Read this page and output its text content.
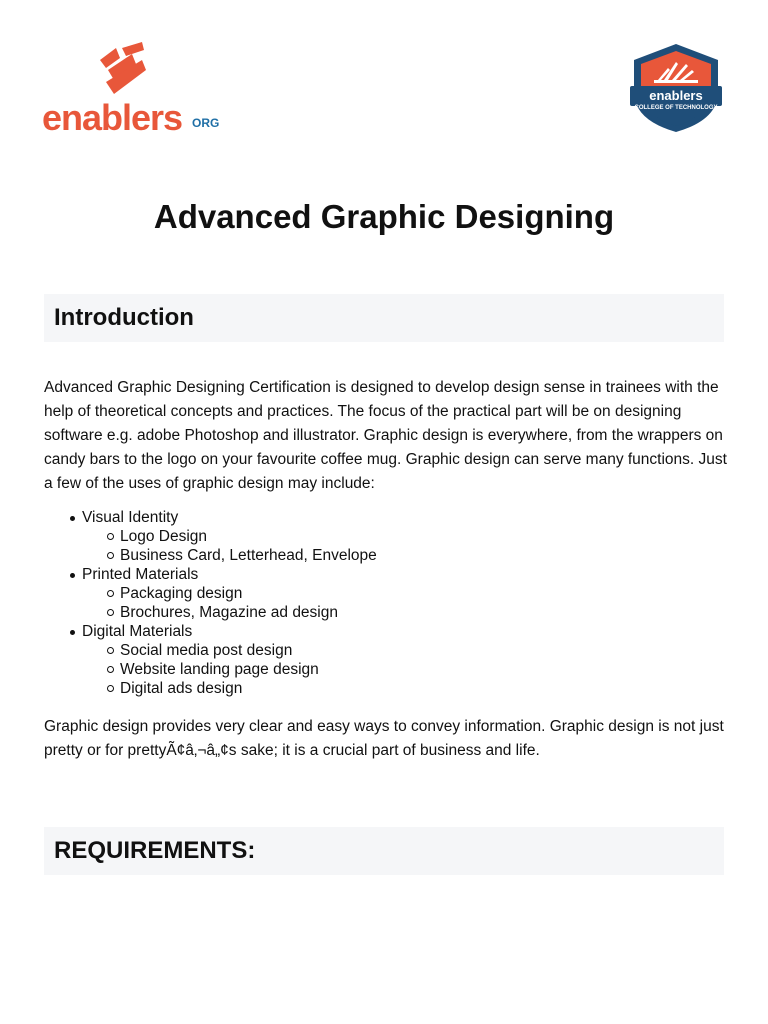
enablers ORG
enablers
COLLEGE OF TECHNOLOGY
Advanced Graphic Designing
Introduction

Advanced Graphic Designing Certification is designed to develop design sense in trainees with the help of theoretical concepts and practices. The focus of the practical part will be on designing software e.g. adobe Photoshop and illustrator. Graphic design is everywhere, from the wrappers on candy bars to the logo on your favourite coffee mug. Graphic design can serve many functions. Just a few of the uses of graphic design may include:

Visual Identity
Logo Design
Business Card, Letterhead, Envelope
Printed Materials
Packaging design
Brochures, Magazine ad design
Digital Materials
Social media post design
Website landing page design
Digital ads design

Graphic design provides very clear and easy ways to convey information. Graphic design is not just pretty or for prettyÃ¢â‚¬â„¢s sake; it is a crucial part of business and life.

REQUIREMENTS:
